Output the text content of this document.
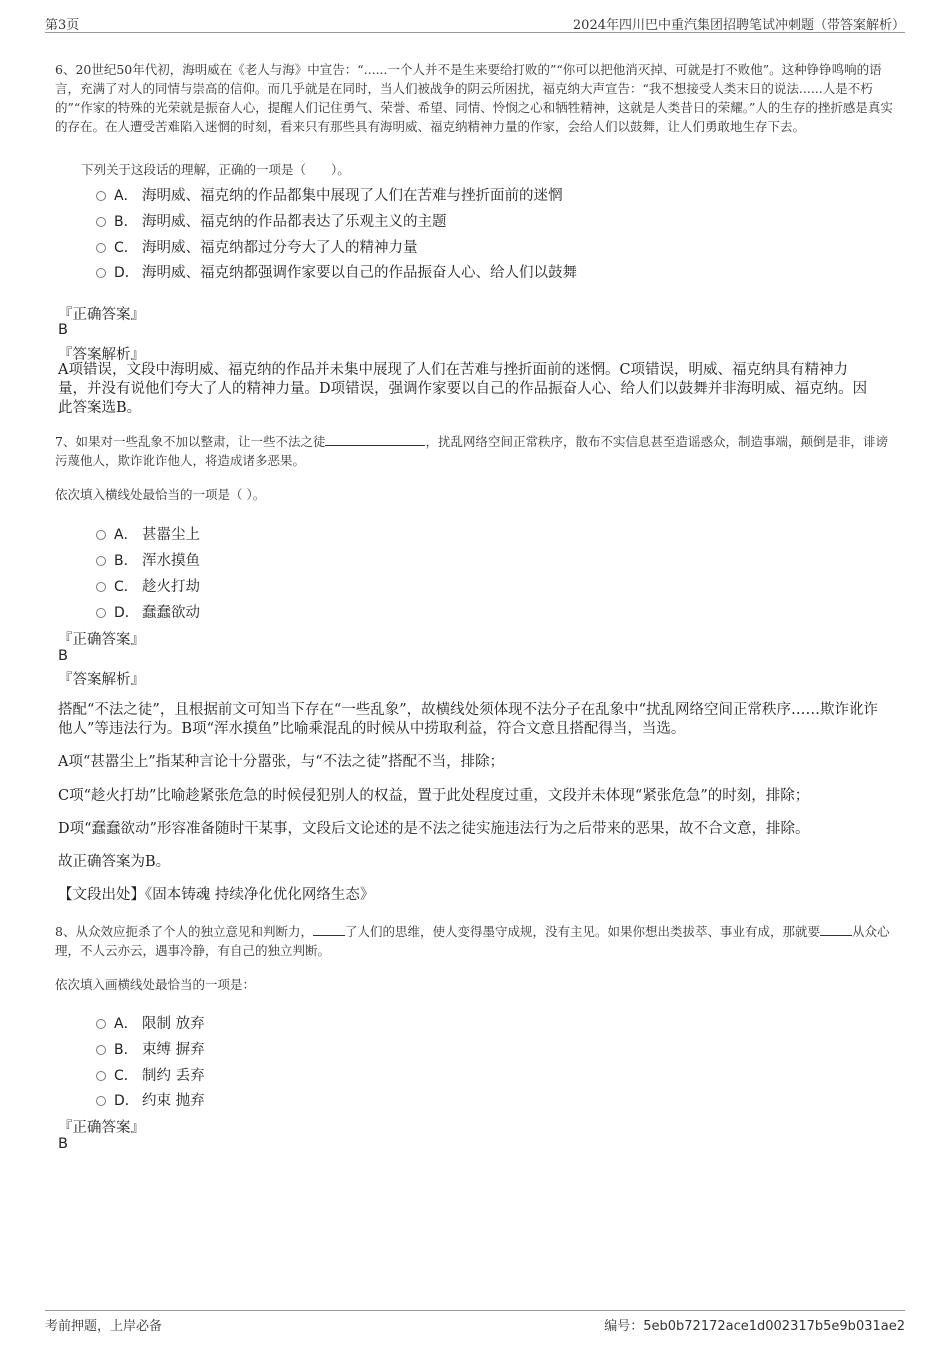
第3页	2024年四川巴中重汽集团招聘笔试冲刺题（带答案解析）
6、20世纪50年代初，海明威在《老人与海》中宣告：“......一个人并不是生来要给打败的”“你可以把他消灭掉、可就是打不败他”。这种铮铮鸣响的语言，充满了对人的同情与崇高的信仰。而几乎就是在同时，当人们被战争的阴云所困扰，福克纳大声宣告：“我不想接受人类末日的说法......人是不朽的”“作家的特殊的光荣就是振奋人心，提醒人们记住勇气、荣誉、希望、同情、怜悯之心和牺牲精神，这就是人类昔日的荣耀。”人的生存的挫折感是真实的存在。在人遭受苦难陷入迷惘的时刻，看来只有那些具有海明威、福克纳精神力量的作家，会给人们以鼓舞，让人们勇敢地生存下去。
下列关于这段话的理解，正确的一项是（　　）。
A． 海明威、福克纳的作品都集中展现了人们在苦难与挫折面前的迷惘
B． 海明威、福克纳的作品都表达了乐观主义的主题
C． 海明威、福克纳都过分夸大了人的精神力量
D． 海明威、福克纳都强调作家要以自己的作品振奋人心、给人们以鼓舞
『正确答案』
B
『答案解析』
A项错误，文段中海明威、福克纳的作品并未集中展现了人们在苦难与挫折面前的迷惘。C项错误，明威、福克纳具有精神力量，并没有说他们夸大了人的精神力量。D项错误，强调作家要以自己的作品振奋人心、给人们以鼓舞并非海明威、福克纳。因此答案选B。
7、如果对一些乱象不加以整肃，让一些不法之徒	，扰乱网络空间正常秩序，散布不实信息甚至造谣惑众，制造事端，颠倒是非，诽谤污蔑他人，欺诈讹诈他人，将造成诸多恶果。
依次填入横线处最恰当的一项是（ ）。
A． 甚嚣尘上
B． 浑水摸鱼
C． 趁火打劫
D． 蠢蠢欲动
『正确答案』
B
『答案解析』
搭配“不法之徒”，且根据前文可知当下存在“一些乱象”，故横线处须体现不法分子在乱象中“扰乱网络空间正常秩序……欺诈讹诈他人”等违法行为。B项“浑水摸鱼”比喻乘混乱的时候从中捞取利益，符合文意且搭配得当，当选。
A项“甚嚣尘上”指某种言论十分嚣张，与“不法之徒”搭配不当，排除；
C项“趁火打劫”比喻趁紧张危急的时候侵犯别人的权益，置于此处程度过重，文段并未体现“紧张危急”的时刻，排除；
D项“蠢蠢欲动”形容准备随时干某事，文段后文论述的是不法之徒实施违法行为之后带来的恶果，故不合文意，排除。
故正确答案为B。
【文段出处】《固本铸魂 持续净化优化网络生态》
8、从众效应扼杀了个人的独立意见和判断力，	了人们的思维，使人变得墨守成规，没有主见。如果你想出类拔萃、事业有成，那就要	从众心理，不人云亦云，遇事冷静，有自己的独立判断。
依次填入画横线处最恰当的一项是：
A． 限制 放弃
B． 束缚 摒弃
C． 制约 丢弃
D． 约束 抛弃
『正确答案』
B
考前押题，上岸必备	编号：5eb0b72172ace1d002317b5e9b031ae2
